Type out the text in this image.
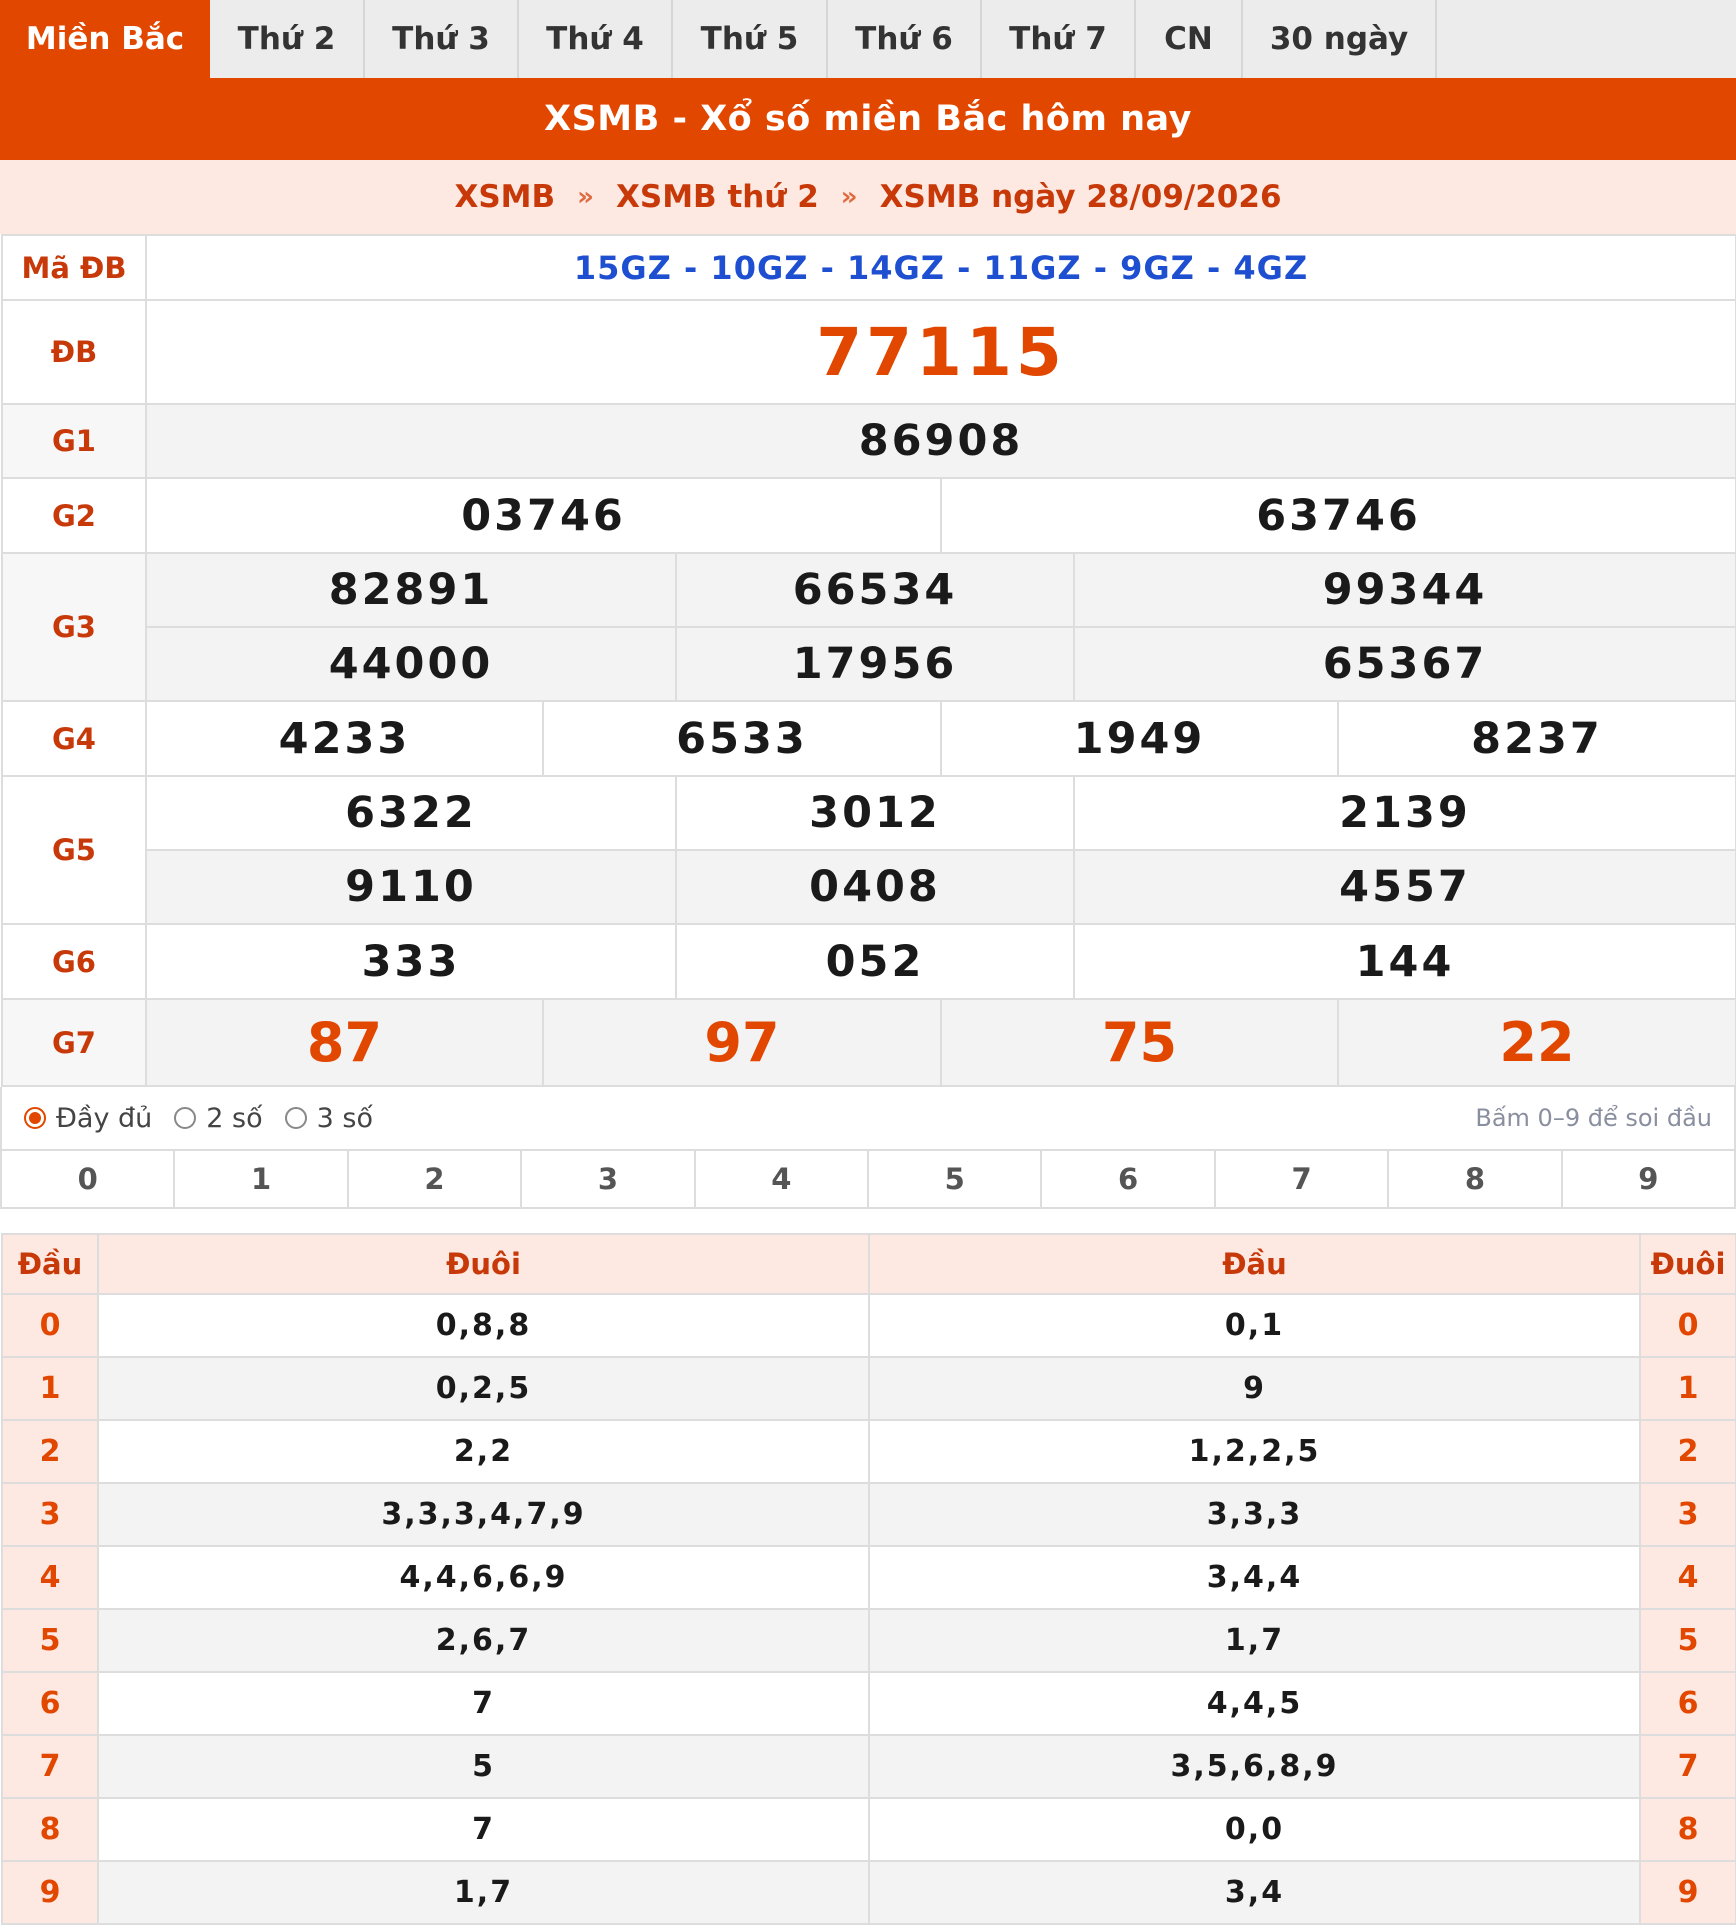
Miền Bắc	Thứ 2	Thứ 3	Thứ 4	Thứ 5	Thứ 6	Thứ 7	CN	30 ngày
XSMB - Xổ số miền Bắc hôm nay
XSMB » XSMB thứ 2 » XSMB ngày 28/09/2026
Mã ĐB	15GZ - 10GZ - 14GZ - 11GZ - 9GZ - 4GZ					
ĐB	77115					
G1	86908					
G2	03746			63746		
G3	82891		66534		99344	
	44000		17956		65367	
G4	4233	6533		1949		8237
G5	6322		3012		2139	
	9110		0408		4557	
G6	333		052		144	
G7	87	97		75		22
Đầy đủ 2 số 3 số	Bấm 0–9 để soi đầu
0	1	2	3	4	5	6	7	8	9
Đầu	Đuôi	Đầu	Đuôi
0	0,8,8	0,1	0
1	0,2,5	9	1
2	2,2	1,2,2,5	2
3	3,3,3,4,7,9	3,3,3	3
4	4,4,6,6,9	3,4,4	4
5	2,6,7	1,7	5
6	7	4,4,5	6
7	5	3,5,6,8,9	7
8	7	0,0	8
9	1,7	3,4	9
